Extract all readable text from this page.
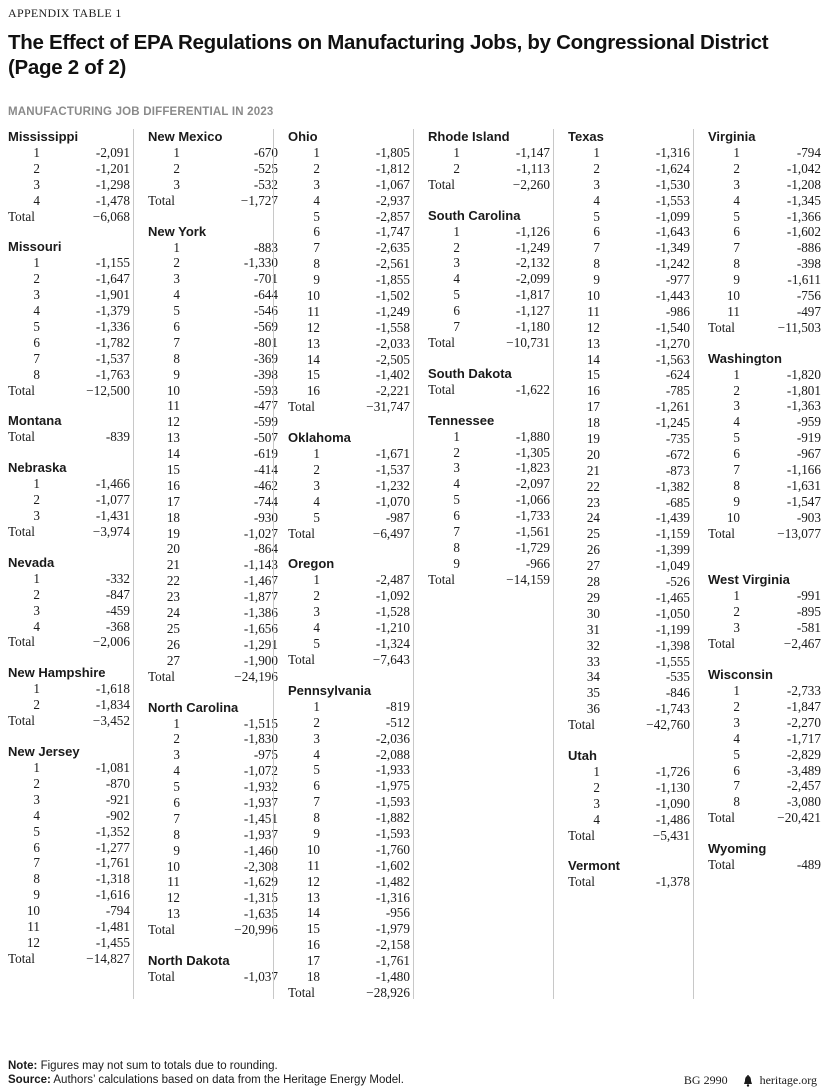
APPENDIX TABLE 1
The Effect of EPA Regulations on Manufacturing Jobs, by Congressional District (Page 2 of 2)
MANUFACTURING JOB DIFFERENTIAL IN 2023
Mississippi
1	-2,091
2	-1,201
3	-1,298
4	-1,478
Total	−6,068
Missouri
1	-1,155
2	-1,647
3	-1,901
4	-1,379
5	-1,336
6	-1,782
7	-1,537
8	-1,763
Total	−12,500
Montana
Total	-839
Nebraska
1	-1,466
2	-1,077
3	-1,431
Total	−3,974
Nevada
1	-332
2	-847
3	-459
4	-368
Total	−2,006
New Hampshire
1	-1,618
2	-1,834
Total	−3,452
New Jersey
1	-1,081
2	-870
3	-921
4	-902
5	-1,352
6	-1,277
7	-1,761
8	-1,318
9	-1,616
10	-794
11	-1,481
12	-1,455
Total	−14,827
New Mexico
1	-670
2	-525
3	-532
Total	−1,727
New York
1	-883
2	-1,330
3	-701
4	-644
5	-546
6	-569
7	-801
8	-369
9	-398
10	-593
11	-477
12	-599
13	-507
14	-619
15	-414
16	-462
17	-744
18	-930
19	-1,027
20	-864
21	-1,143
22	-1,467
23	-1,877
24	-1,386
25	-1,656
26	-1,291
27	-1,900
Total	−24,196
North Carolina
1	-1,515
2	-1,830
3	-975
4	-1,072
5	-1,932
6	-1,937
7	-1,451
8	-1,937
9	-1,460
10	-2,308
11	-1,629
12	-1,315
13	-1,635
Total	−20,996
North Dakota
Total	-1,037
Ohio
1	-1,805
2	-1,812
3	-1,067
4	-2,937
5	-2,857
6	-1,747
7	-2,635
8	-2,561
9	-1,855
10	-1,502
11	-1,249
12	-1,558
13	-2,033
14	-2,505
15	-1,402
16	-2,221
Total	−31,747
Oklahoma
1	-1,671
2	-1,537
3	-1,232
4	-1,070
5	-987
Total	−6,497
Oregon
1	-2,487
2	-1,092
3	-1,528
4	-1,210
5	-1,324
Total	−7,643
Pennsylvania
1	-819
2	-512
3	-2,036
4	-2,088
5	-1,933
6	-1,975
7	-1,593
8	-1,882
9	-1,593
10	-1,760
11	-1,602
12	-1,482
13	-1,316
14	-956
15	-1,979
16	-2,158
17	-1,761
18	-1,480
Total	−28,926
Rhode Island
1	-1,147
2	-1,113
Total	−2,260
South Carolina
1	-1,126
2	-1,249
3	-2,132
4	-2,099
5	-1,817
6	-1,127
7	-1,180
Total	−10,731
South Dakota
Total	-1,622
Tennessee
1	-1,880
2	-1,305
3	-1,823
4	-2,097
5	-1,066
6	-1,733
7	-1,561
8	-1,729
9	-966
Total	−14,159
Texas
1	-1,316
2	-1,624
3	-1,530
4	-1,553
5	-1,099
6	-1,643
7	-1,349
8	-1,242
9	-977
10	-1,443
11	-986
12	-1,540
13	-1,270
14	-1,563
15	-624
16	-785
17	-1,261
18	-1,245
19	-735
20	-672
21	-873
22	-1,382
23	-685
24	-1,439
25	-1,159
26	-1,399
27	-1,049
28	-526
29	-1,465
30	-1,050
31	-1,199
32	-1,398
33	-1,555
34	-535
35	-846
36	-1,743
Total	−42,760
Utah
1	-1,726
2	-1,130
3	-1,090
4	-1,486
Total	−5,431
Vermont
Total	-1,378
Virginia
1	-794
2	-1,042
3	-1,208
4	-1,345
5	-1,366
6	-1,602
7	-886
8	-398
9	-1,611
10	-756
11	-497
Total	−11,503
Washington
1	-1,820
2	-1,801
3	-1,363
4	-959
5	-919
6	-967
7	-1,166
8	-1,631
9	-1,547
10	-903
Total	−13,077
West Virginia
1	-991
2	-895
3	-581
Total	−2,467
Wisconsin
1	-2,733
2	-1,847
3	-2,270
4	-1,717
5	-2,829
6	-3,489
7	-2,457
8	-3,080
Total	−20,421
Wyoming
Total	-489
Note: Figures may not sum to totals due to rounding.
Source: Authors’ calculations based on data from the Heritage Energy Model.	BG 2990	heritage.org
